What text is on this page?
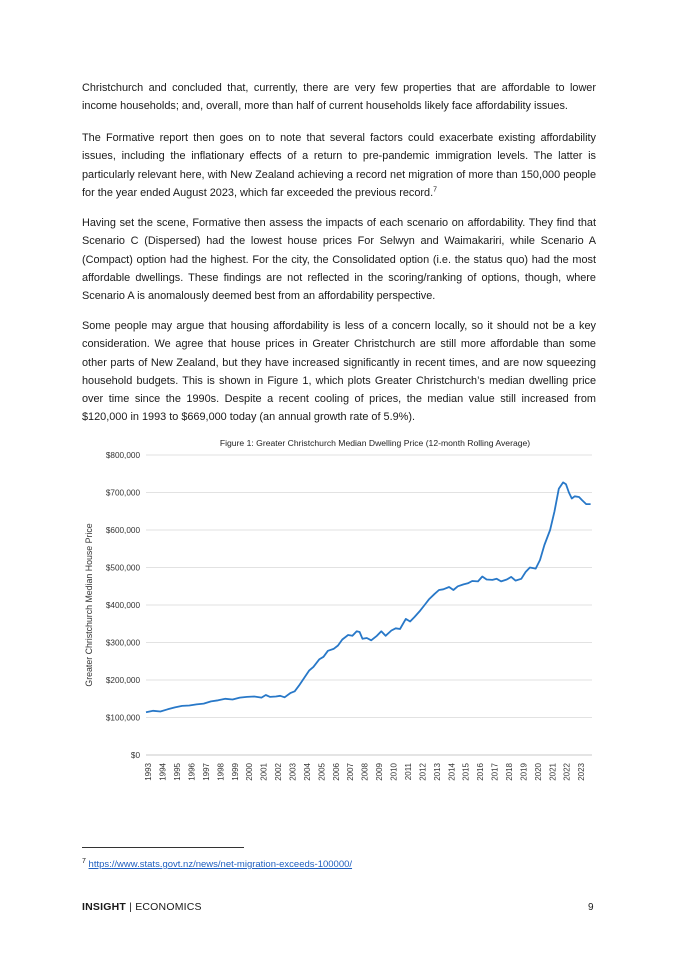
Christchurch and concluded that, currently, there are very few properties that are affordable to lower income households; and, overall, more than half of current households likely face affordability issues.

The Formative report then goes on to note that several factors could exacerbate existing affordability issues, including the inflationary effects of a return to pre-pandemic immigration levels. The latter is particularly relevant here, with New Zealand achieving a record net migration of more than 150,000 people for the year ended August 2023, which far exceeded the previous record.$^7$

Having set the scene, Formative then assess the impacts of each scenario on affordability. They find that Scenario C (Dispersed) had the lowest house prices For Selwyn and Waimakariri, while Scenario A (Compact) option had the highest. For the city, the Consolidated option (i.e. the status quo) had the most affordable dwellings. These findings are not reflected in the scoring/ranking of options, though, where Scenario A is anomalously deemed best from an affordability perspective.

Some people may argue that housing affordability is less of a concern locally, so it should not be a key consideration. We agree that house prices in Greater Christchurch are still more affordable than some other parts of New Zealand, but they have increased significantly in recent times, and are now squeezing household budgets. This is shown in Figure 1, which plots Greater Christchurch’s median dwelling price over time since the 1990s. Despite a recent cooling of prices, the median value still increased from $120,000 in 1993 to $669,000 today (an annual growth rate of 5.9%).

Figure 1: Greater Christchurch Median Dwelling Price (12-month Rolling Average)
$0
$100,000
$200,000
$300,000
$400,000
$500,000
$600,000
$700,000
$800,000
1993 1994 1995 1996 1997 1998 1999 2000 2001 2002 2003 2004 2005 2006 2007 2008 2009 2010 2011 2012 2013 2014 2015 2016 2017 2018 2019 2020 2021 2022 2023
Greater Christchurch Median House Price
$^7$ https://www.stats.govt.nz/news/net-migration-exceeds-100000/
INSIGHT | ECONOMICS	9
